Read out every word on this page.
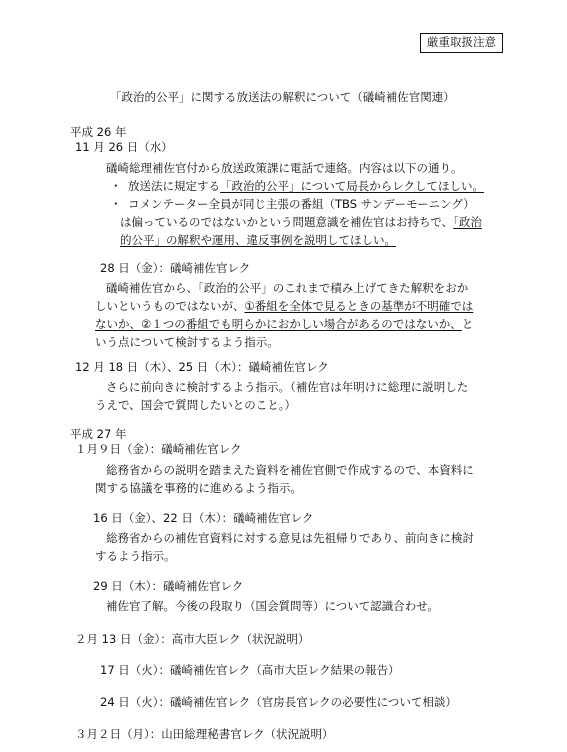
厳重取扱注意
「政治的公平」に関する放送法の解釈について（礒崎補佐官関連）
平成 26 年
11 月 26 日（水）
礒崎総理補佐官付から放送政策課に電話で連絡。内容は以下の通り。
・ 放送法に規定する「政治的公平」について局長からレクしてほしい。
・ コメンテーター全員が同じ主張の番組（TBS サンデーモーニング）
は偏っているのではないかという問題意識を補佐官はお持ちで、「政治
的公平」の解釈や運用、違反事例を説明してほしい。
28 日（金）：礒崎補佐官レク
礒崎補佐官から、「政治的公平」のこれまで積み上げてきた解釈をおか
しいというものではないが、①番組を全体で見るときの基準が不明確では
ないか、②１つの番組でも明らかにおかしい場合があるのではないか、と
いう点について検討するよう指示。
12 月 18 日（木）、25 日（木）：礒崎補佐官レク
さらに前向きに検討するよう指示。（補佐官は年明けに総理に説明した
うえで、国会で質問したいとのこと。）
平成 27 年
１月９日（金）：礒崎補佐官レク
総務省からの説明を踏まえた資料を補佐官側で作成するので、本資料に
関する協議を事務的に進めるよう指示。
16 日（金）、22 日（木）：礒崎補佐官レク
総務省からの補佐官資料に対する意見は先祖帰りであり、前向きに検討
するよう指示。
29 日（木）：礒崎補佐官レク
補佐官了解。今後の段取り（国会質問等）について認識合わせ。
２月 13 日（金）：高市大臣レク（状況説明）
17 日（火）：礒崎補佐官レク（高市大臣レク結果の報告）
24 日（火）：礒崎補佐官レク（官房長官レクの必要性について相談）
３月２日（月）：山田総理秘書官レク（状況説明）
